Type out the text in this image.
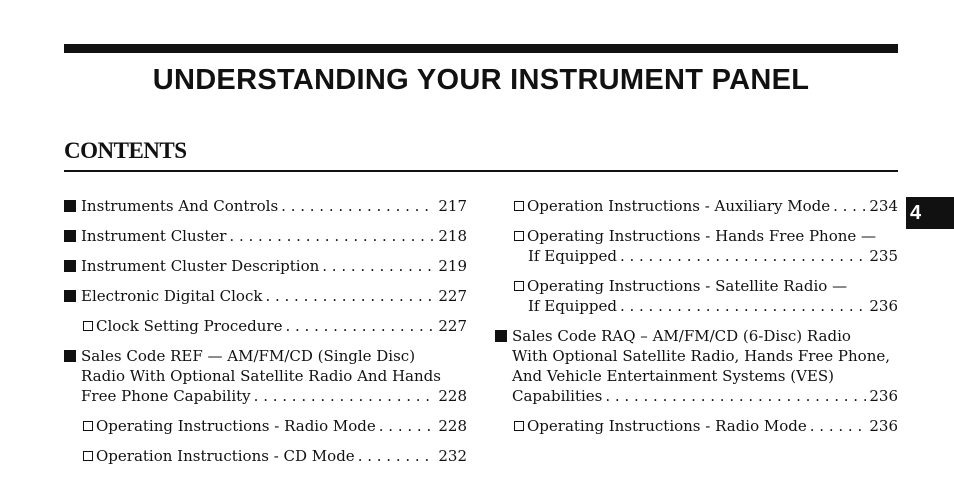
UNDERSTANDING YOUR INSTRUMENT PANEL
CONTENTS
4
Instruments And Controls . . .	217
Instrument Cluster . . .	218
Instrument Cluster Description . . .	219
Electronic Digital Clock . . .	227
Clock Setting Procedure . . .	227
Sales Code REF — AM/FM/CD (Single Disc)
Radio With Optional Satellite Radio And Hands
Free Phone Capability . . .	228
Operating Instructions - Radio Mode . . .	228
Operation Instructions - CD Mode . . .	232
Operation Instructions - Auxiliary Mode . . .	234
Operating Instructions - Hands Free Phone —
If Equipped . . .	235
Operating Instructions - Satellite Radio —
If Equipped . . .	236
Sales Code RAQ – AM/FM/CD (6-Disc) Radio
With Optional Satellite Radio, Hands Free Phone,
And Vehicle Entertainment Systems (VES)
Capabilities . . .	236
Operating Instructions - Radio Mode . . .	236
